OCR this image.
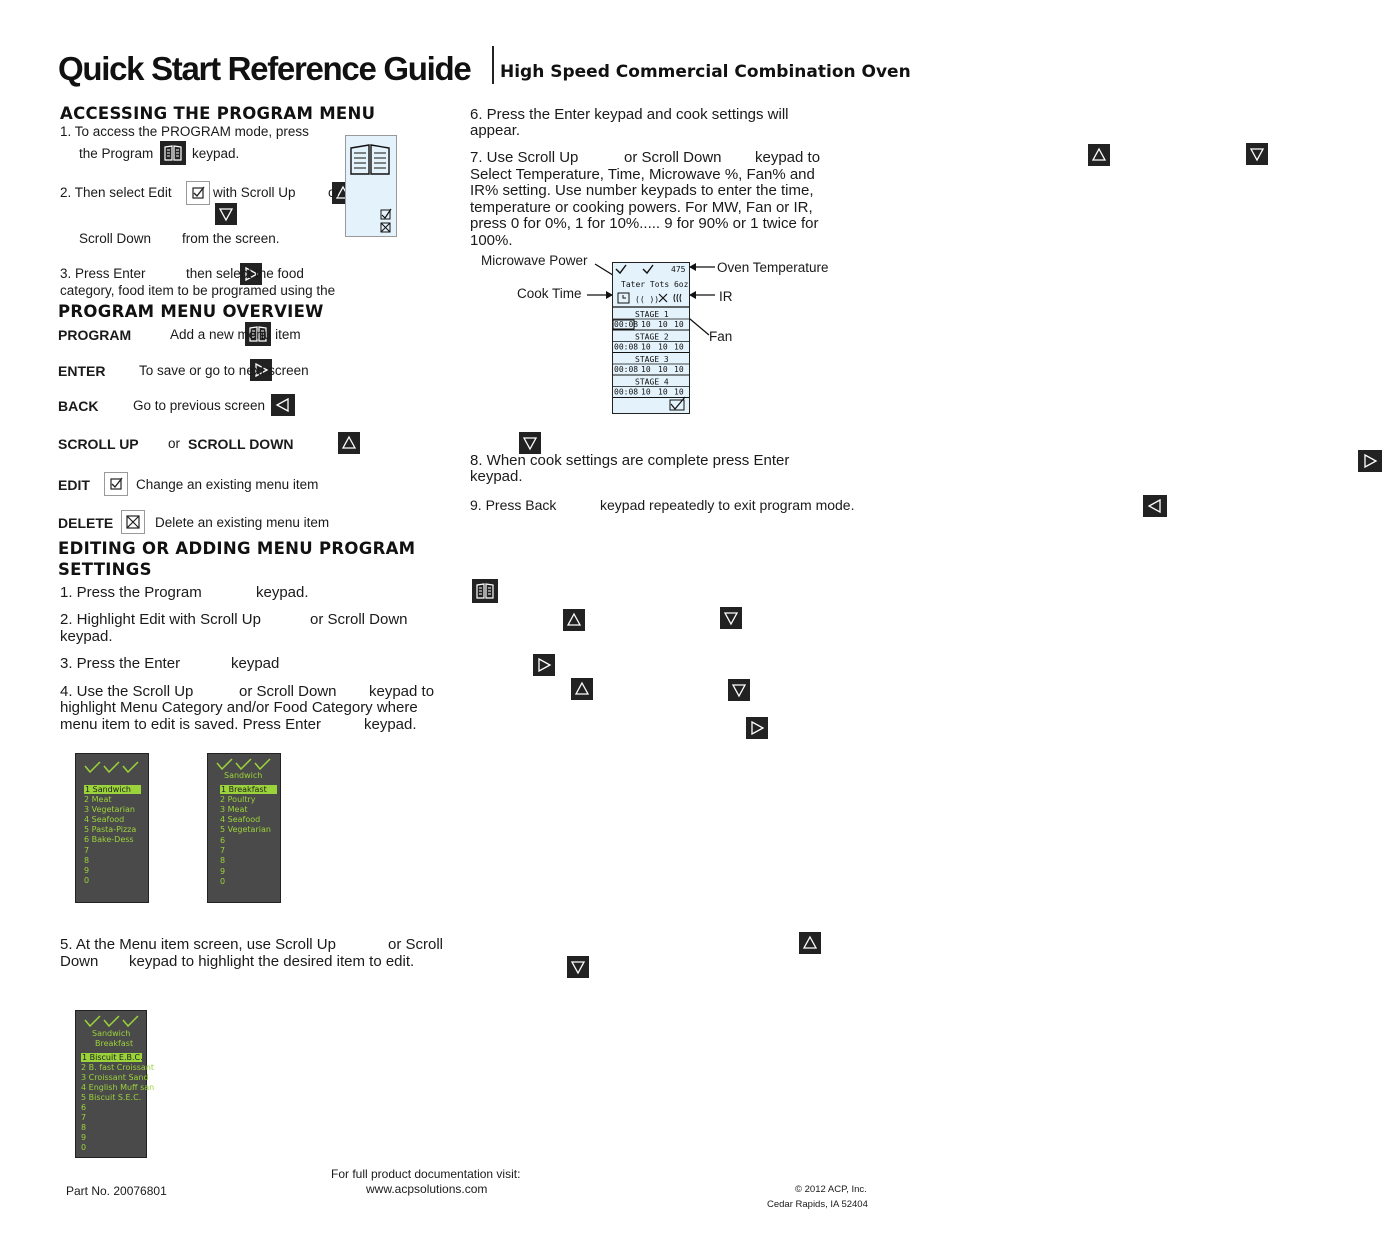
Quick Start Reference Guide High Speed Commercial Combination Oven
ACCESSING THE PROGRAM MENU
1. To access the PROGRAM mode, press
the Program
	keypad.
2. Then select Edit	with Scroll Up
or

Scroll Down from the screen.
3. Press Enter
	then select the food
category, food item to be programed using the
PROGRAM MENU OVERVIEW
PROGRAM
	Add a new menu item
ENTER
To save or go to next screen
BACK
	Go to previous screen
SCROLL UP
or SCROLL DOWN

EDIT	Change an existing menu item
DELETE	Delete an existing menu item
EDITING OR ADDING MENU PROGRAM
SETTINGS
1. Press the Program
	keypad.
2. Highlight Edit with Scroll Up
	or Scroll Down

keypad.
3. Press the Enter
	keypad
4. Use the Scroll Up
	or Scroll Down
keypad to
highlight Menu Category and/or Food Category where
menu item to edit is saved. Press Enter
	keypad.
1 Sandwich
2 Meat
3 Vegetarian
4 Seafood
5 Pasta-Pizza
6 Bake-Dess
7
8
9
0
Sandwich
1 Breakfast
2 Poultry
3 Meat
4 Seafood
5 Vegetarian
6
7
8
9
0
5. At the Menu item screen, use Scroll Up
	or Scroll
Down
keypad to highlight the desired item to edit.
Sandwich
Breakfast
1 Biscuit E.B.C.
2 B. fast Croissant
3 Croissant Sand
4 English Muff san
5 Biscuit S.E.C.
6
7
8
9
0
6. Press the Enter keypad and cook settings will
appear.
7. Use Scroll Up
	or Scroll Down
keypad to
Select Temperature, Time, Microwave %, Fan% and
IR% setting. Use number keypads to enter the time,
temperature or cooking powers. For MW, Fan or IR,
press 0 for 0%, 1 for 10%..... 9 for 90% or 1 twice for
100%.
Microwave Power	Oven Temperature
Cook Time	IR
Fan
475
Tater Tots 6oz
(( ))
STAGE 1
00:08 10 10 10
STAGE 2
00:08 10 10 10
STAGE 3
00:08 10 10 10
STAGE 4
00:08 10 10 10
8. When cook settings are complete press Enter

keypad.
9. Press Back	keypad repeatedly to exit program mode.
Part No. 20076801
For full product documentation visit:
www.acpsolutions.com	© 2012 ACP, Inc.
Cedar Rapids, IA 52404
